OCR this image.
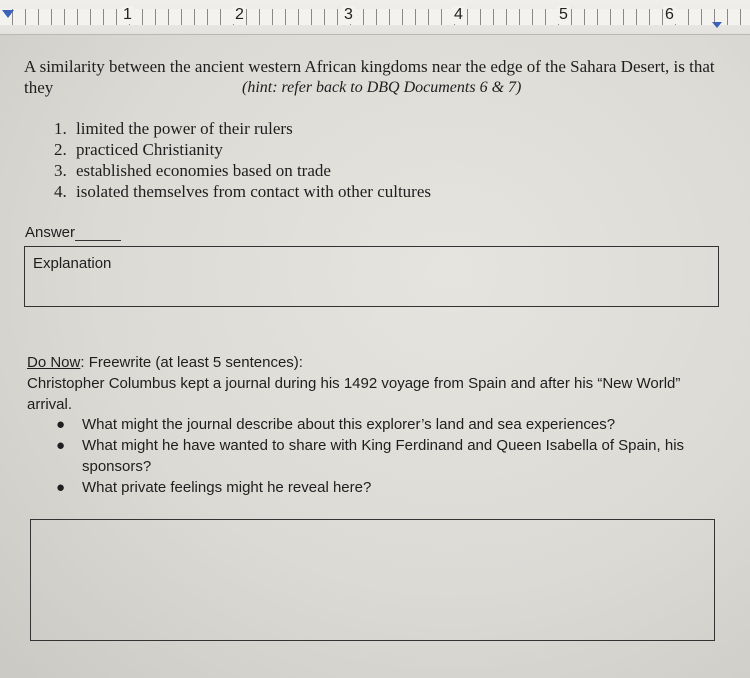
1	2	3	4	5	6
A similarity between the ancient western African kingdoms near the edge of the Sahara Desert, is that they	(hint: refer back to DBQ Documents 6 & 7)
1. limited the power of their rulers
2. practiced Christianity
3. established economies based on trade
4. isolated themselves from contact with other cultures
Answer
Explanation
Do Now: Freewrite (at least 5 sentences):
Christopher Columbus kept a journal during his 1492 voyage from Spain and after his “New World” arrival.
● What might the journal describe about this explorer’s land and sea experiences?
● What might he have wanted to share with King Ferdinand and Queen Isabella of Spain, his sponsors?
● What private feelings might he reveal here?
